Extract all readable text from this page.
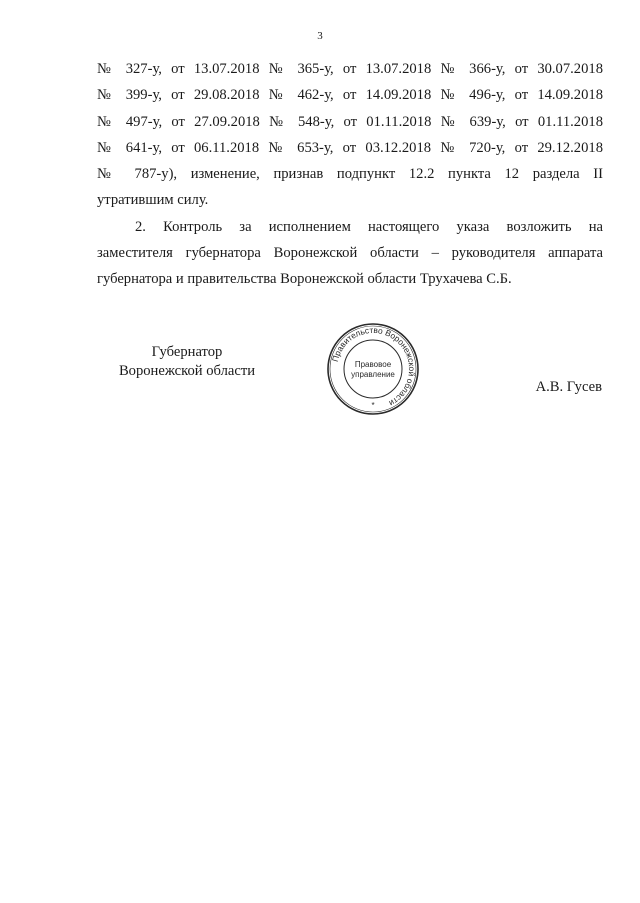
3
№ 327-у, от 13.07.2018 № 365-у, от 13.07.2018 № 366-у, от 30.07.2018
№ 399-у, от 29.08.2018 № 462-у, от 14.09.2018 № 496-у, от 14.09.2018
№ 497-у, от 27.09.2018 № 548-у, от 01.11.2018 № 639-у, от 01.11.2018
№ 641-у, от 06.11.2018 № 653-у, от 03.12.2018 № 720-у, от 29.12.2018
№ 787-у), изменение, признав подпункт 12.2 пункта 12 раздела II
утратившим силу.
2. Контроль за исполнением настоящего указа возложить на
заместителя губернатора Воронежской области – руководителя аппарата
губернатора и правительства Воронежской области Трухачева С.Б.
Губернатор
Воронежской области
Правительство Воронежской области
Правовое
управление
*
А.В. Гусев
